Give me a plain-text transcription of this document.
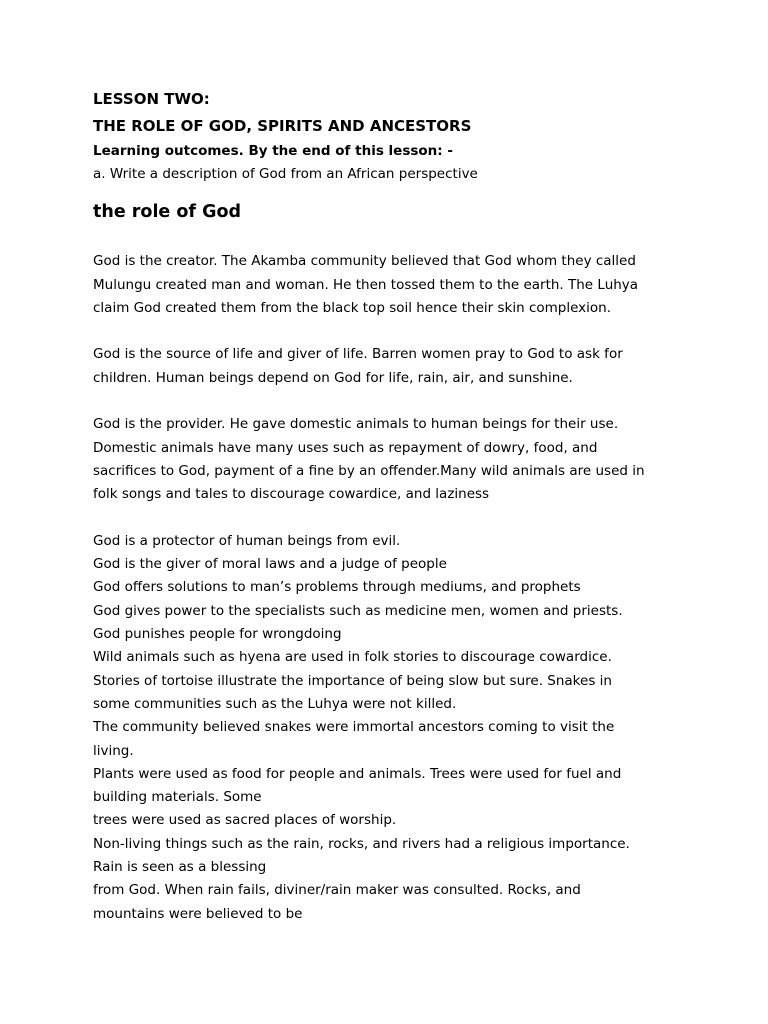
LESSON TWO:

THE ROLE OF GOD, SPIRITS AND ANCESTORS

Learning outcomes. By the end of this lesson: -

a. Write a description of God from an African perspective

the role of God

God is the creator. The Akamba community believed that God whom they called

Mulungu created man and woman. He then tossed them to the earth. The Luhya

claim God created them from the black top soil hence their skin complexion.

God is the source of life and giver of life. Barren women pray to God to ask for

children. Human beings depend on God for life, rain, air, and sunshine.

God is the provider. He gave domestic animals to human beings for their use.

Domestic animals have many uses such as repayment of dowry, food, and

sacrifices to God, payment of a fine by an offender.Many wild animals are used in

folk songs and tales to discourage cowardice, and laziness

God is a protector of human beings from evil.

God is the giver of moral laws and a judge of people

God offers solutions to man’s problems through mediums, and prophets

God gives power to the specialists such as medicine men, women and priests.

God punishes people for wrongdoing

Wild animals such as hyena are used in folk stories to discourage cowardice.

Stories of tortoise illustrate the importance of being slow but sure. Snakes in

some communities such as the Luhya were not killed.

The community believed snakes were immortal ancestors coming to visit the

living.

Plants were used as food for people and animals. Trees were used for fuel and

building materials. Some

trees were used as sacred places of worship.

Non-living things such as the rain, rocks, and rivers had a religious importance.

Rain is seen as a blessing

from God. When rain fails, diviner/rain maker was consulted. Rocks, and

mountains were believed to be
